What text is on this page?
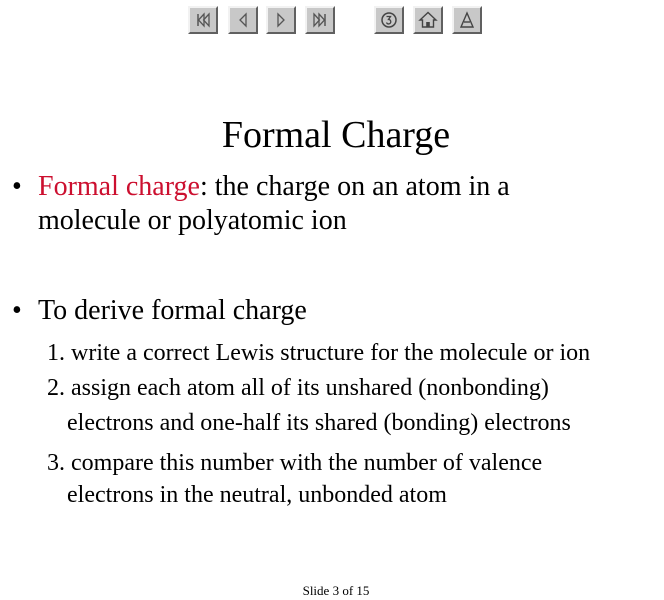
Formal Charge
• Formal charge: the charge on an atom in a
molecule or polyatomic ion
• To derive formal charge
1. write a correct Lewis structure for the molecule or ion
2. assign each atom all of its unshared (nonbonding)
electrons and one-half its shared (bonding) electrons
3. compare this number with the number of valence
electrons in the neutral, unbonded atom
Slide 3 of 15
